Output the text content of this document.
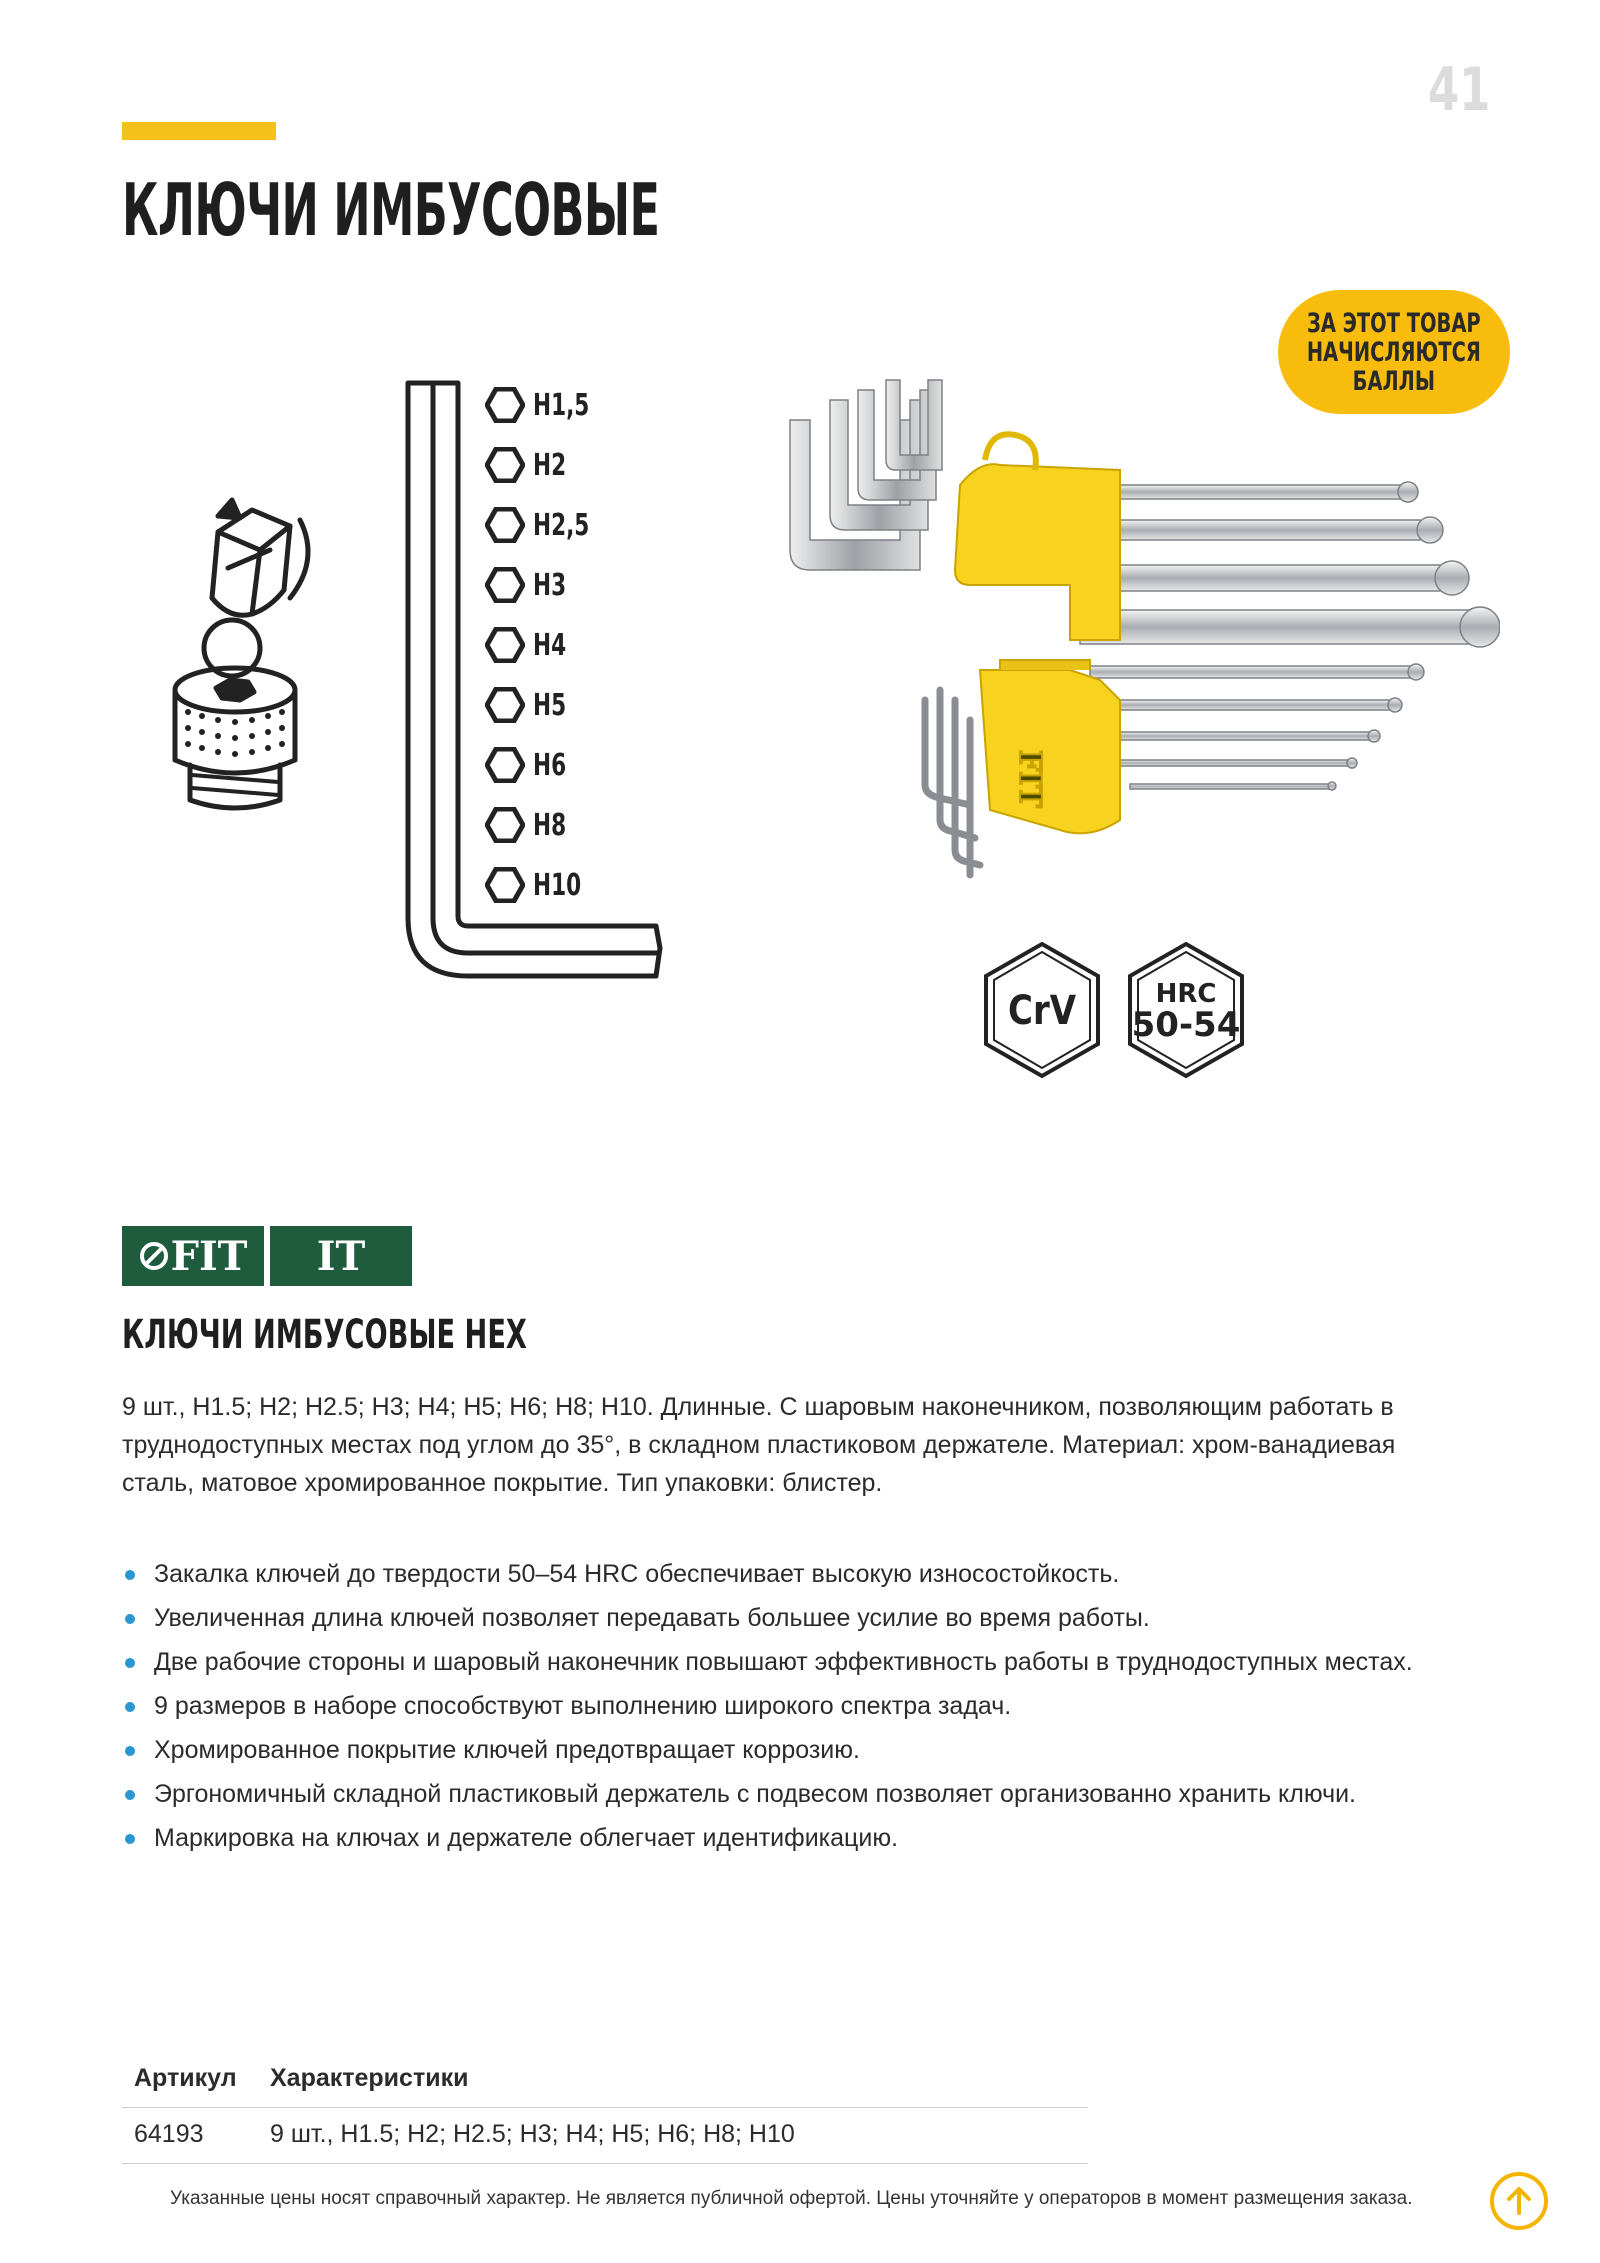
41
КЛЮЧИ ИМБУСОВЫЕ
ЗА ЭТОТ ТОВАР
НАЧИСЛЯЮТСЯ
БАЛЛЫ
H1,5
H2
H2,5
H3
H4
H5
H6
H8
H10
FIT
CrV	HRC
50-54
FIT IT
КЛЮЧИ ИМБУСОВЫЕ HEX

9 шт., H1.5; H2; H2.5; H3; H4; H5; H6; H8; H10. Длинные. С шаровым наконечником, позволяющим работать в труднодоступных местах под углом до 35°, в складном пластиковом держателе. Материал: хром-ванадиевая сталь, матовое хромированное покрытие. Тип упаковки: блистер.

Закалка ключей до твердости 50–54 HRC обеспечивает высокую износостойкость.
Увеличенная длина ключей позволяет передавать большее усилие во время работы.
Две рабочие стороны и шаровый наконечник повышают эффективность работы в труднодоступных местах.
9 размеров в наборе способствуют выполнению широкого спектра задач.
Хромированное покрытие ключей предотвращает коррозию.
Эргономичный складной пластиковый держатель с подвесом позволяет организованно хранить ключи.
Маркировка на ключах и держателе облегчает идентификацию.
Артикул	Характеристики
64193	9 шт., H1.5; H2; H2.5; H3; H4; H5; H6; H8; H10
Указанные цены носят справочный характер. Не является публичной офертой. Цены уточняйте у операторов в момент размещения заказа.
